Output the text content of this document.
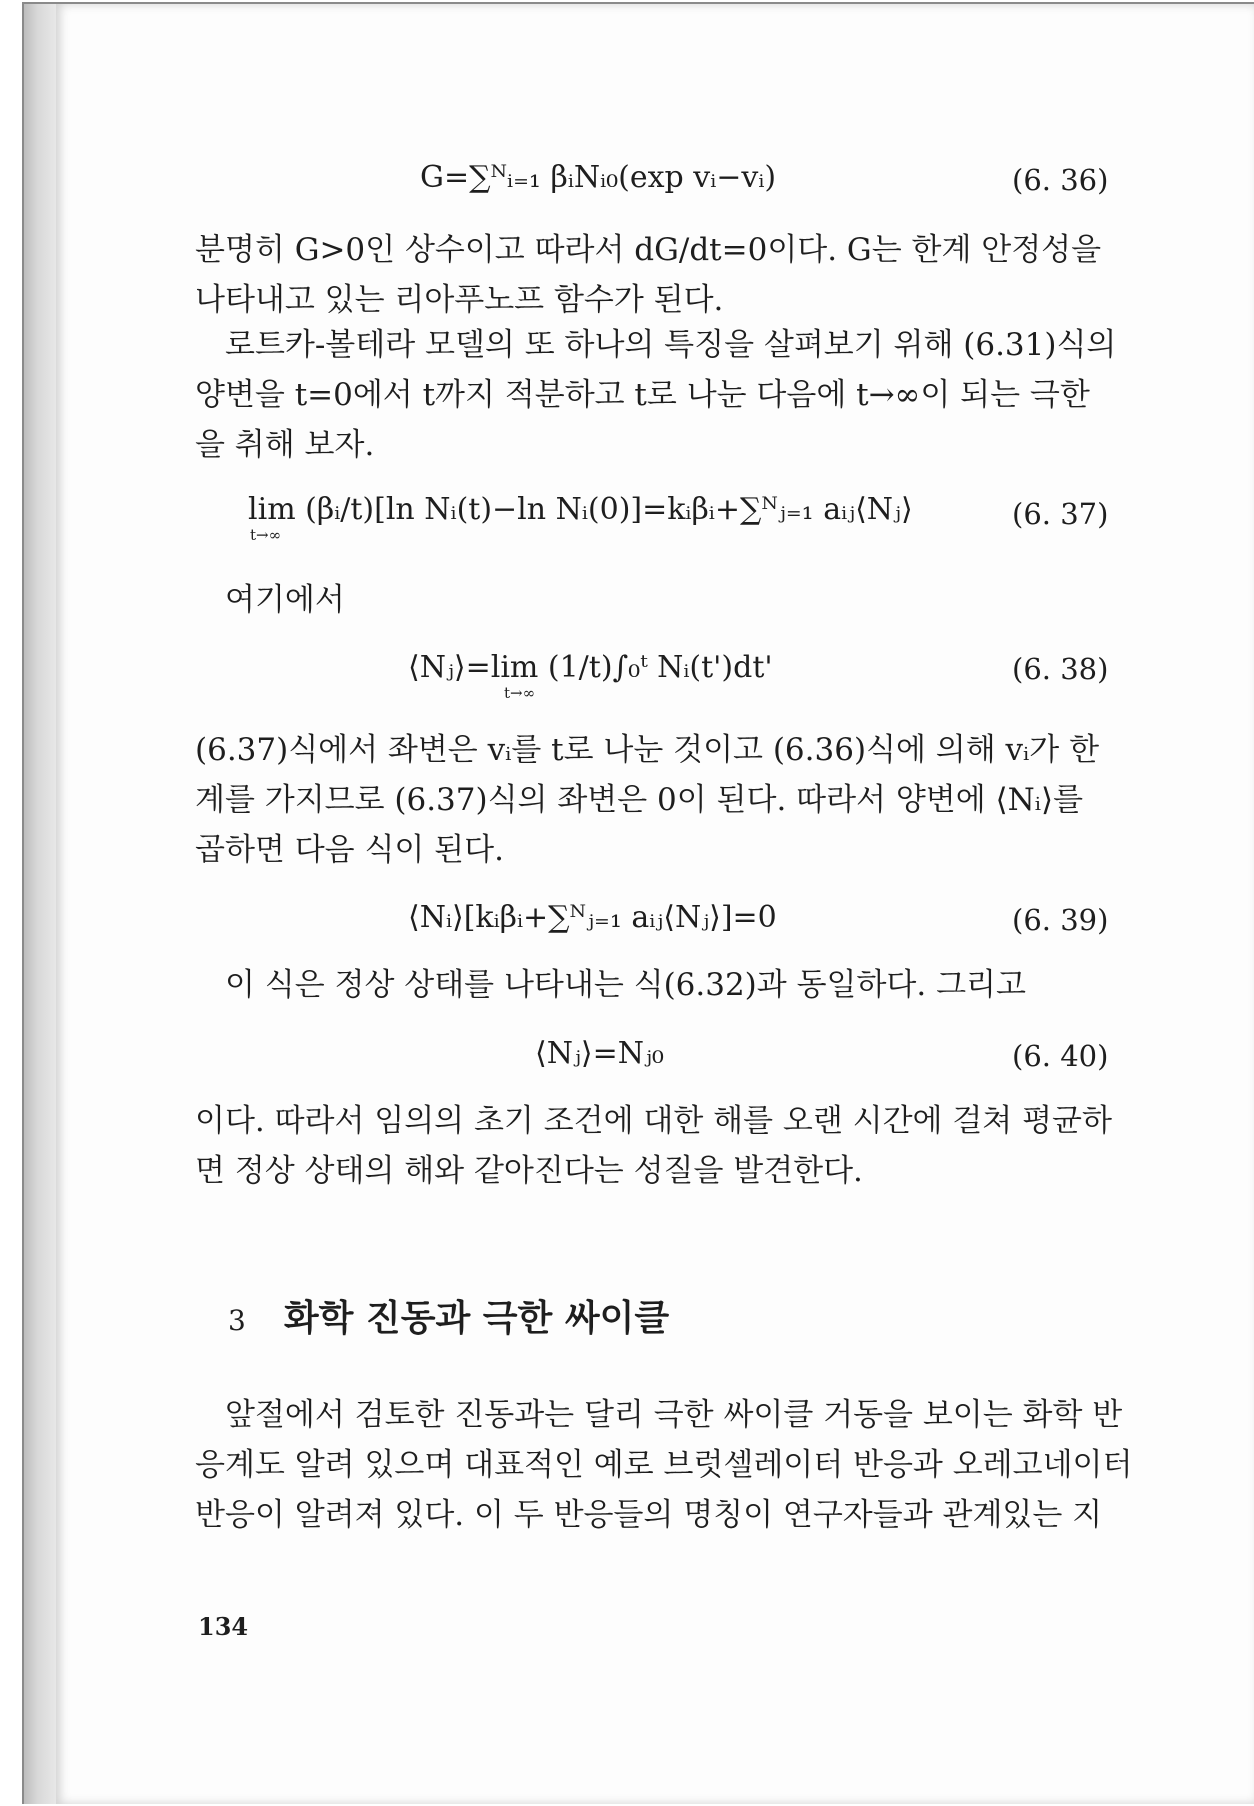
G=∑ᴺᵢ₌₁ βᵢNᵢ₀(exp vᵢ−vᵢ)	(6. 36)

분명히 G>0인 상수이고 따라서 dG/dt=0이다. G는 한계 안정성을
나타내고 있는 리아푸노프 함수가 된다.

로트카-볼테라 모델의 또 하나의 특징을 살펴보기 위해 (6.31)식의
양변을 t=0에서 t까지 적분하고 t로 나눈 다음에 t→∞이 되는 극한
을 취해 보자.

lim (βᵢ/t)[ln Nᵢ(t)−ln Nᵢ(0)]=kᵢβᵢ+∑ᴺⱼ₌₁ aᵢⱼ⟨Nⱼ⟩
t→∞
(6. 37)

여기에서

⟨Nⱼ⟩=lim (1/t)∫₀ᵗ Nᵢ(t')dt'
t→∞
(6. 38)

(6.37)식에서 좌변은 vᵢ를 t로 나눈 것이고 (6.36)식에 의해 vᵢ가 한
계를 가지므로 (6.37)식의 좌변은 0이 된다. 따라서 양변에 ⟨Nᵢ⟩를
곱하면 다음 식이 된다.

⟨Nᵢ⟩[kᵢβᵢ+∑ᴺⱼ₌₁ aᵢⱼ⟨Nⱼ⟩]=0	(6. 39)

이 식은 정상 상태를 나타내는 식(6.32)과 동일하다. 그리고

⟨Nⱼ⟩=Nⱼ₀	(6. 40)

이다. 따라서 임의의 초기 조건에 대한 해를 오랜 시간에 걸쳐 평균하
면 정상 상태의 해와 같아진다는 성질을 발견한다.

3 화학 진동과 극한 싸이클

앞절에서 검토한 진동과는 달리 극한 싸이클 거동을 보이는 화학 반
응계도 알려 있으며 대표적인 예로 브럿셀레이터 반응과 오레고네이터
반응이 알려져 있다. 이 두 반응들의 명칭이 연구자들과 관계있는 지

134
